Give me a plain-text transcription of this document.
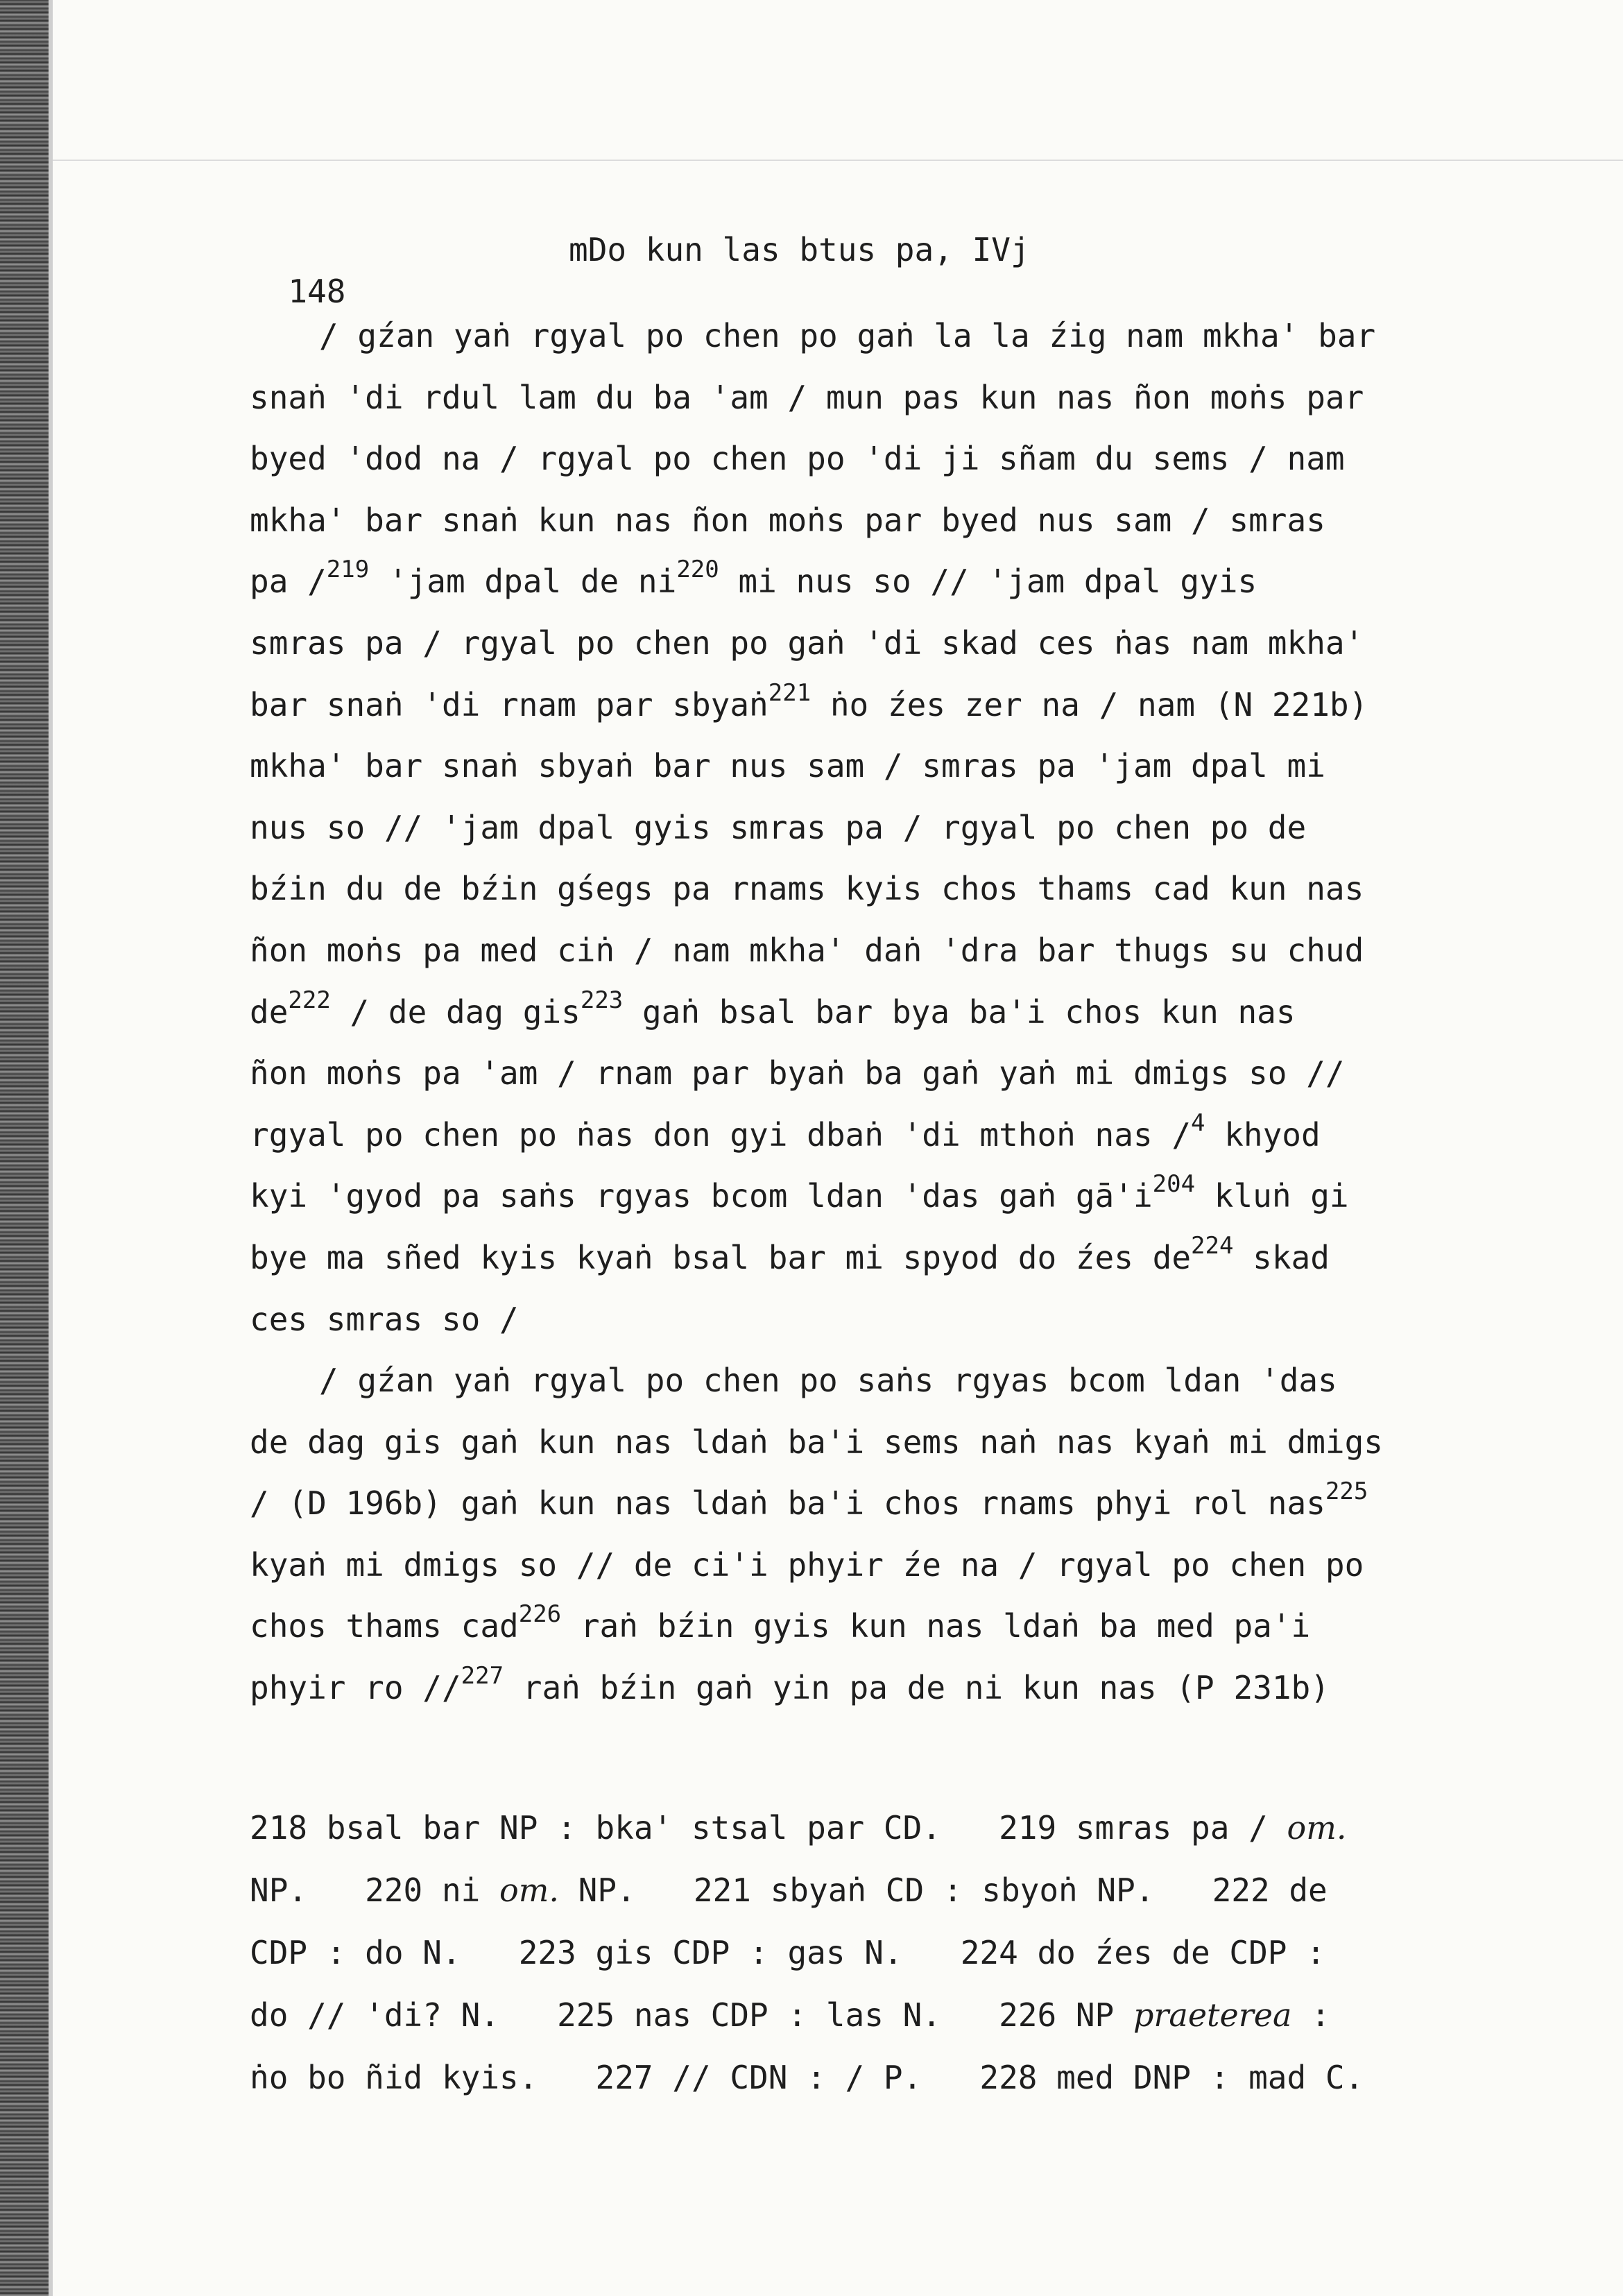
148

mDo kun las btus pa, IVj

/ gźan yaṅ rgyal po chen po gaṅ la la źig nam mkha' bar
snaṅ 'di rdul lam du ba 'am / mun pas kun nas ñon moṅs par
byed 'dod na / rgyal po chen po 'di ji sñam du sems / nam
mkha' bar snaṅ kun nas ñon moṅs par byed nus sam / smras
pa /$^{219}$ 'jam dpal de $ni^{220}$ mi nus so // 'jam dpal gyis
smras pa / rgyal po chen po gaṅ 'di skad ces ṅas nam mkha'
bar snaṅ 'di rnam par sbyaṅ$^{221}$ ṅo źes zer na / nam (N 221b)
mkha' bar snaṅ sbyaṅ bar nus sam / smras pa 'jam dpal mi
nus so // 'jam dpal gyis smras pa / rgyal po chen po de
bźin du de bźin gśegs pa rnams kyis chos thams cad kun nas
ñon moṅs pa med ciṅ / nam mkha' daṅ 'dra bar thugs su chud
$de^{222}$ / de dag gis$^{223}$ gaṅ bsal bar bya ba'i chos kun nas
ñon moṅs pa 'am / rnam par byaṅ ba gaṅ yaṅ mi dmigs so //
rgyal po chen po ṅas don gyi dbaṅ 'di mthoṅ nas /$^4$ khyod
kyi 'gyod pa saṅs rgyas bcom ldan 'das gaṅ $gā'i^{204}$ kluṅ gi
bye ma sñed kyis kyaṅ bsal bar mi spyod do źes $de^{224}$ skad
ces smras so /
/ gźan yaṅ rgyal po chen po saṅs rgyas bcom ldan 'das
de dag gis gaṅ kun nas ldaṅ ba'i sems naṅ nas kyaṅ mi dmigs
/ (D 196b) gaṅ kun nas ldaṅ ba'i chos rnams phyi rol nas$^{225}$
kyaṅ mi dmigs so // de ci'i phyir źe na / rgyal po chen po
chos thams cad$^{226}$ raṅ bźin gyis kun nas ldaṅ ba med pa'i
phyir ro //$^{227}$ raṅ bźin gaṅ yin pa de ni kun nas (P 231b)
218 bsal bar NP : bka' stsal par CD.   219 smras pa / om.
NP.   220 ni om. NP.   221 sbyaṅ CD : sbyoṅ NP.   222 de
CDP : do N.   223 gis CDP : gas N.   224 do źes de CDP :
do // 'di? N.   225 nas CDP : las N.   226 NP praeterea :
ṅo bo ñid kyis.   227 // CDN : / P.   228 med DNP : mad C.
